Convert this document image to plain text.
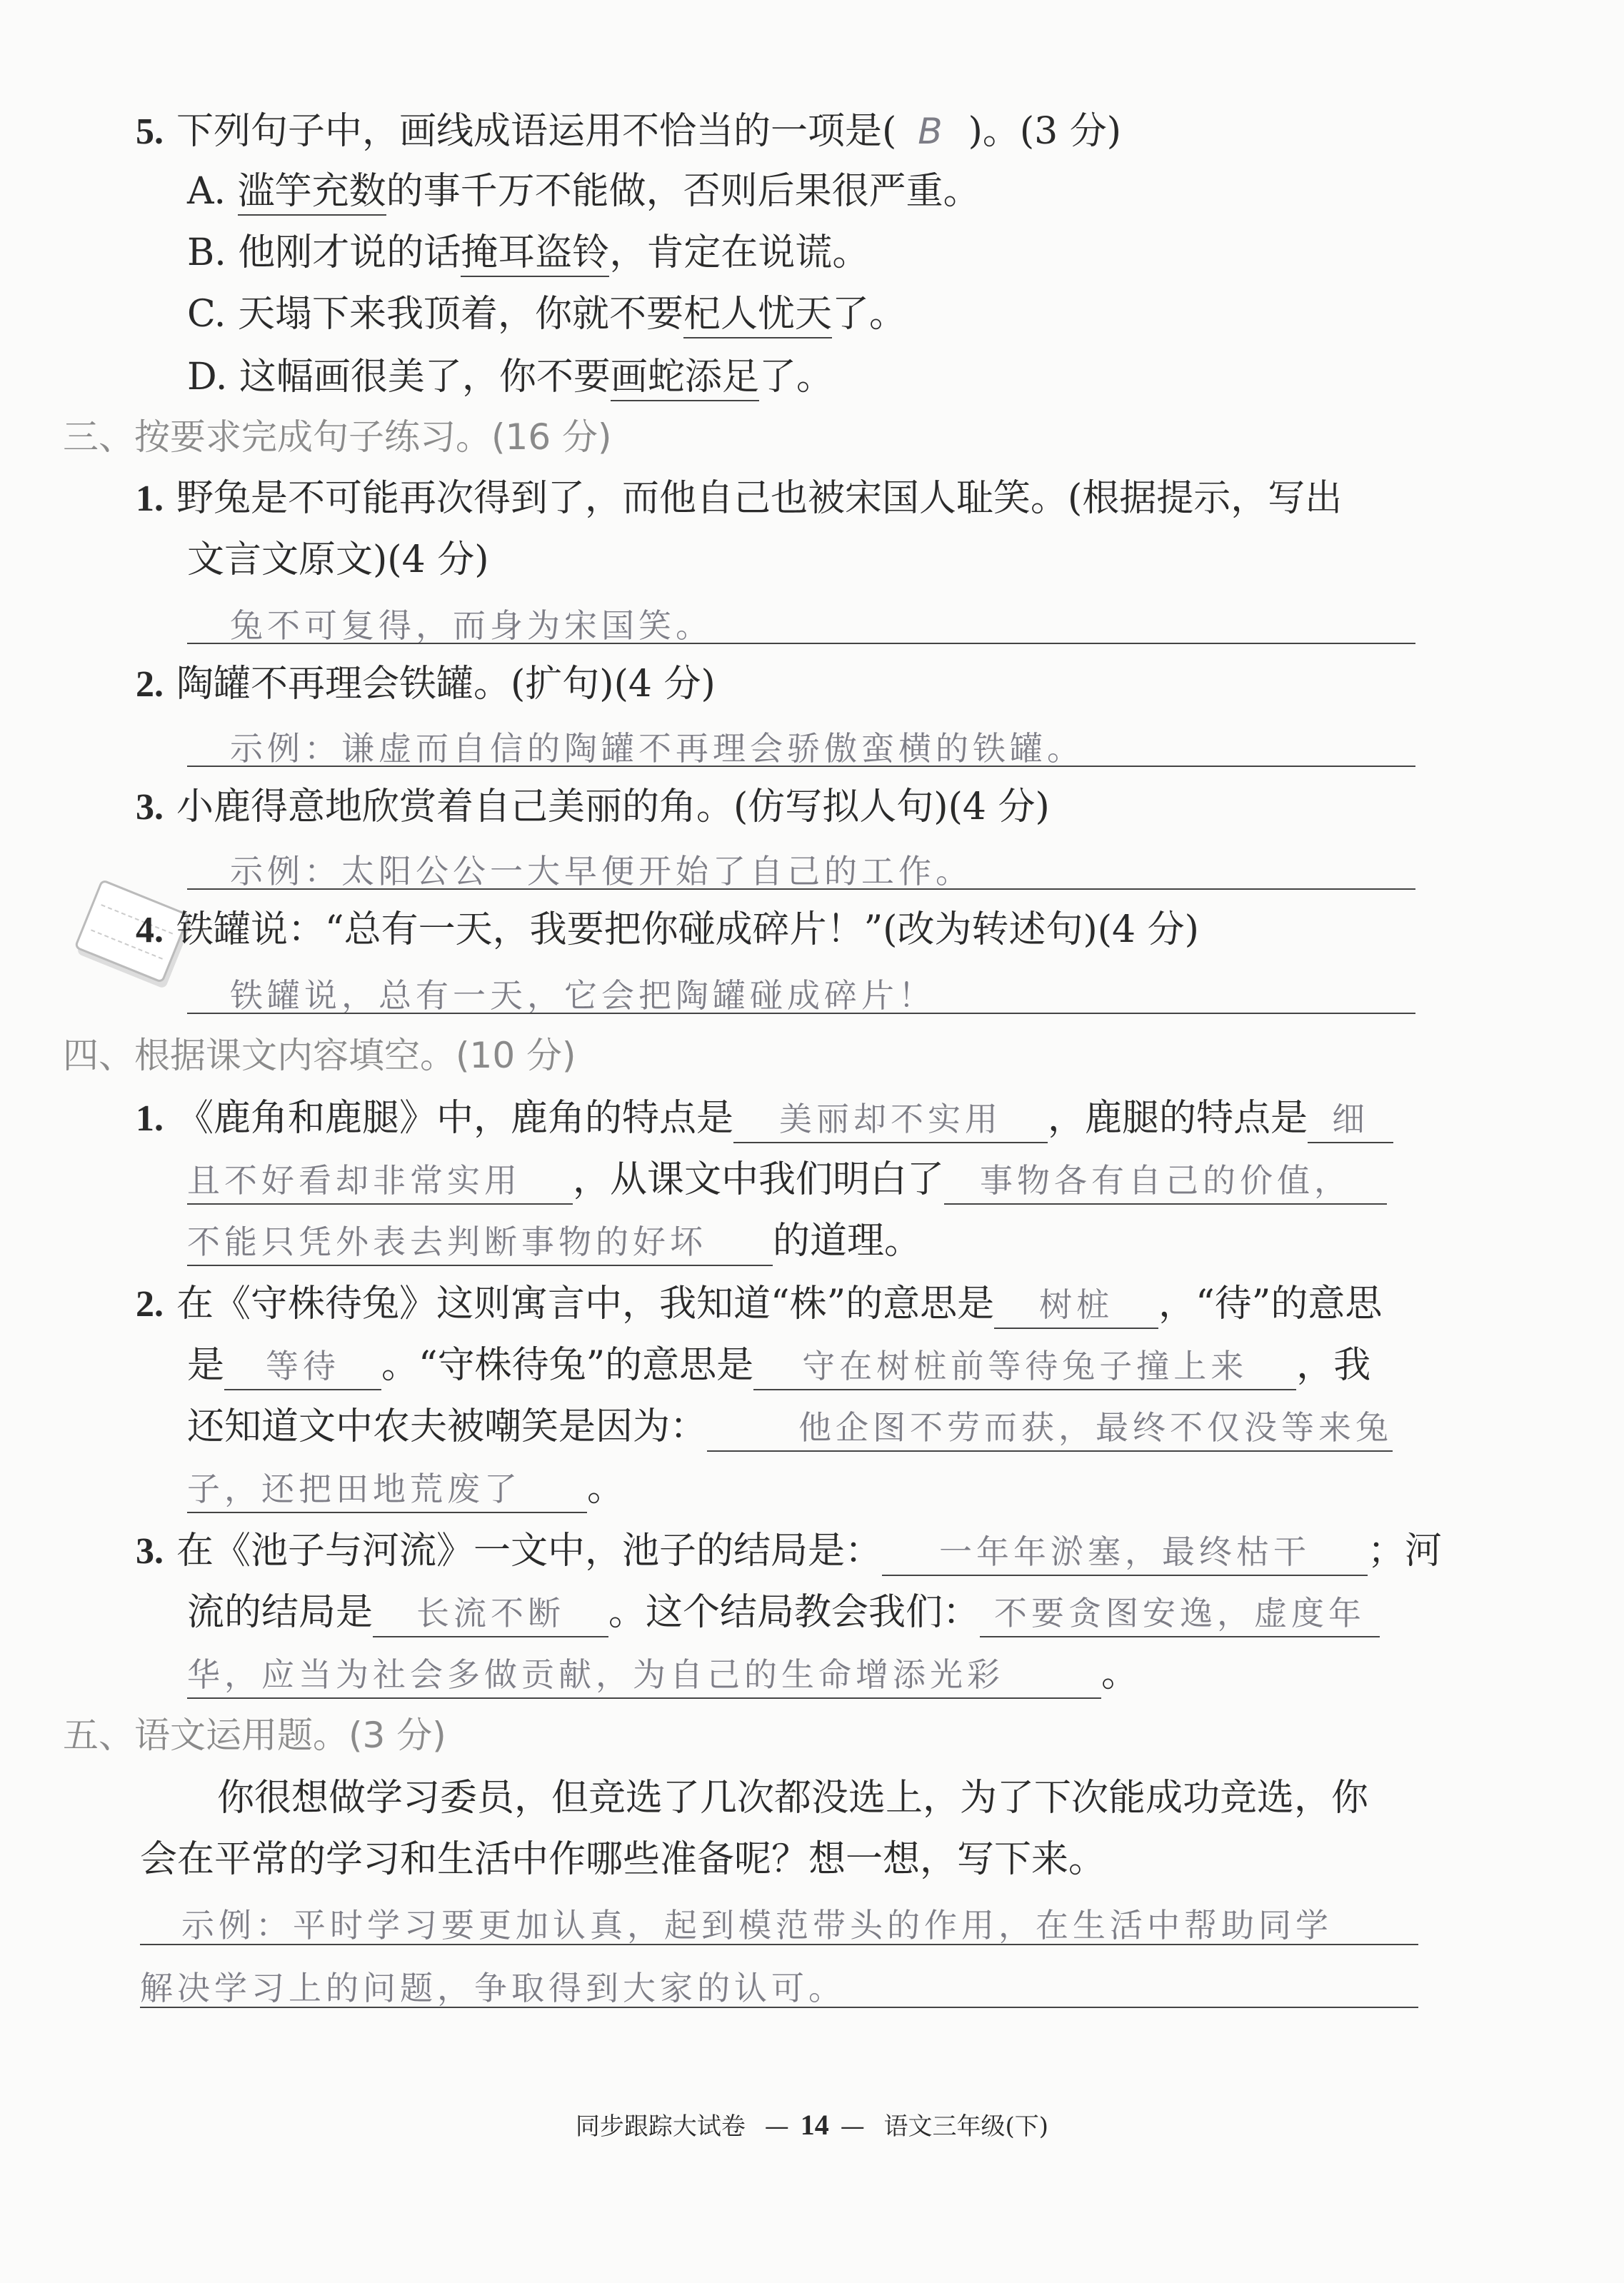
5. 下列句子中，画线成语运用不恰当的一项是( B )。(3 分)
A. 滥竽充数的事千万不能做，否则后果很严重。
B. 他刚才说的话掩耳盗铃，肯定在说谎。
C. 天塌下来我顶着，你就不要杞人忧天了。
D. 这幅画很美了，你不要画蛇添足了。
三、按要求完成句子练习。(16 分)
1. 野兔是不可能再次得到了，而他自己也被宋国人耻笑。(根据提示，写出
文言文原文)(4 分)
兔不可复得，而身为宋国笑。
2. 陶罐不再理会铁罐。(扩句)(4 分)
示例：谦虚而自信的陶罐不再理会骄傲蛮横的铁罐。
3. 小鹿得意地欣赏着自己美丽的角。(仿写拟人句)(4 分)
示例：太阳公公一大早便开始了自己的工作。
4. 铁罐说：“总有一天，我要把你碰成碎片！”(改为转述句)(4 分)
铁罐说，总有一天，它会把陶罐碰成碎片！
四、根据课文内容填空。(10 分)
1. 《鹿角和鹿腿》中，鹿角的特点是 美丽却不实用 ，鹿腿的特点是 细
且不好看却非常实用 ，从课文中我们明白了 事物各有自己的价值，
不能只凭外表去判断事物的好坏 的道理。
2. 在《守株待兔》这则寓言中，我知道“株”的意思是 树桩 ，“待”的意思
是 等待 。“守株待兔”的意思是 守在树桩前等待兔子撞上来 ，我
还知道文中农夫被嘲笑是因为：	他企图不劳而获，最终不仅没等来兔
子，还把田地荒废了 。
3. 在《池子与河流》一文中，池子的结局是： 一年年淤塞，最终枯干 ；河
流的结局是 长流不断 。这个结局教会我们： 不要贪图安逸，虚度年
华，应当为社会多做贡献，为自己的生命增添光彩	。
五、语文运用题。(3 分)
你很想做学习委员，但竞选了几次都没选上，为了下次能成功竞选，你
会在平常的学习和生活中作哪些准备呢？想一想，写下来。
示例：平时学习要更加认真，起到模范带头的作用，在生活中帮助同学
解决学习上的问题，争取得到大家的认可。
同步跟踪大试卷 — 14 — 语文三年级(下)
